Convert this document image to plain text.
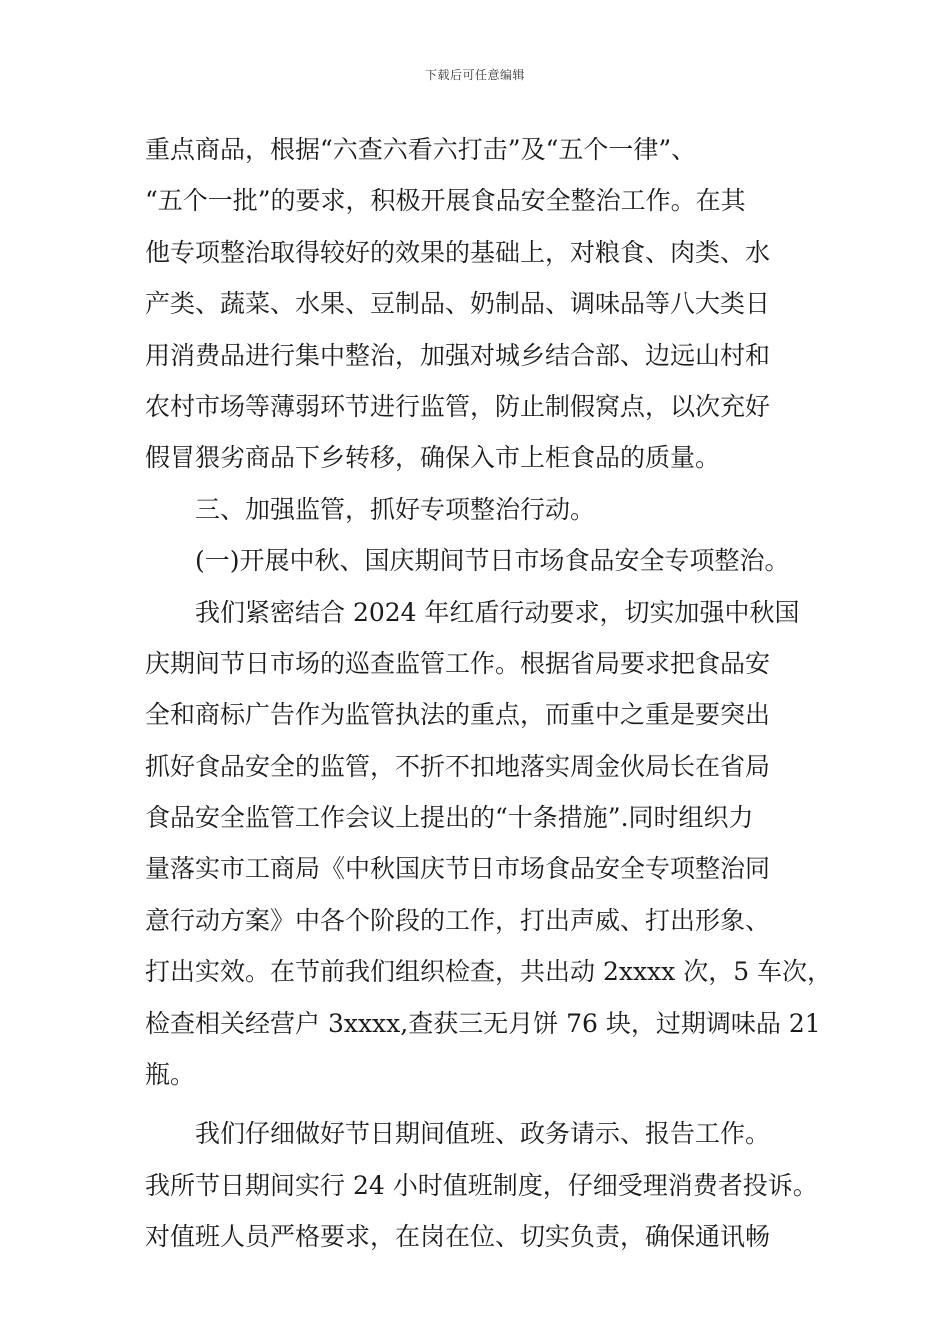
下载后可任意编辑
重点商品，根据“六查六看六打击”及“五个一律”、
“五个一批”的要求，积极开展食品安全整治工作。在其
他专项整治取得较好的效果的基础上，对粮食、肉类、水
产类、蔬菜、水果、豆制品、奶制品、调味品等八大类日
用消费品进行集中整治，加强对城乡结合部、边远山村和
农村市场等薄弱环节进行监管，防止制假窝点，以次充好
假冒猥劣商品下乡转移，确保入市上柜食品的质量。
三、加强监管，抓好专项整治行动。
(一)开展中秋、国庆期间节日市场食品安全专项整治。
我们紧密结合 2024 年红盾行动要求，切实加强中秋国
庆期间节日市场的巡查监管工作。根据省局要求把食品安
全和商标广告作为监管执法的重点，而重中之重是要突出
抓好食品安全的监管，不折不扣地落实周金伙局长在省局
食品安全监管工作会议上提出的“十条措施”.同时组织力
量落实市工商局《中秋国庆节日市场食品安全专项整治同
意行动方案》中各个阶段的工作，打出声威、打出形象、
打出实效。在节前我们组织检查，共出动 2xxxx 次，5 车次，
检查相关经营户 3xxxx,查获三无月饼 76 块，过期调味品 21
瓶。
我们仔细做好节日期间值班、政务请示、报告工作。
我所节日期间实行 24 小时值班制度，仔细受理消费者投诉。
对值班人员严格要求，在岗在位、切实负责，确保通讯畅
